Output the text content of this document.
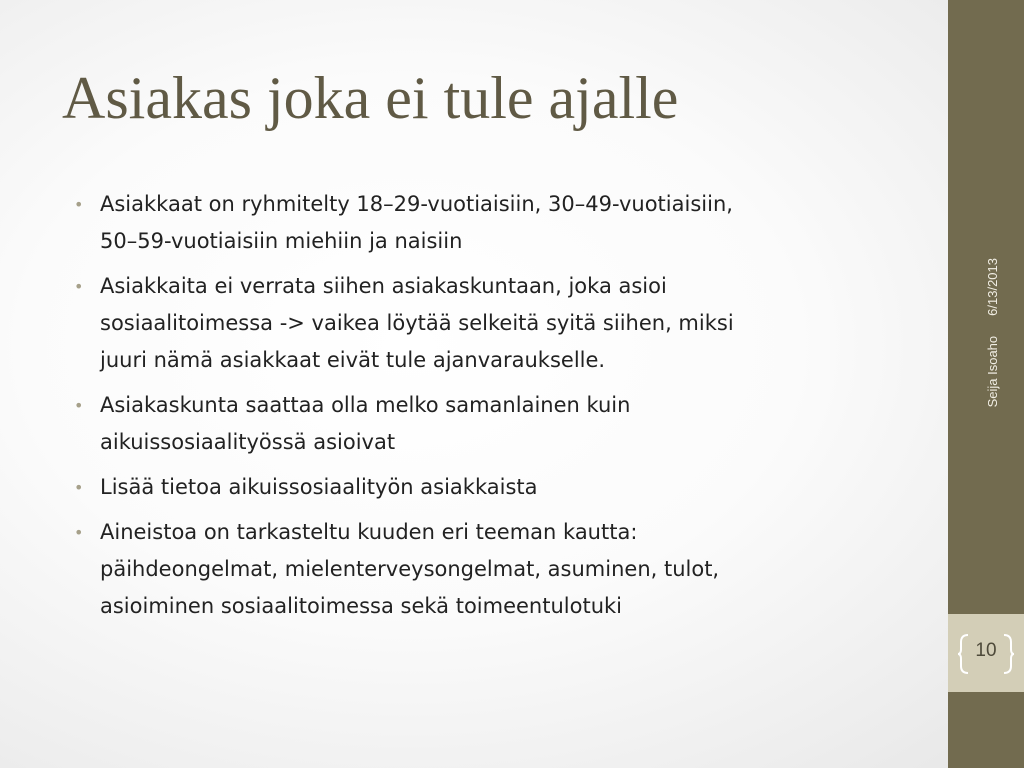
Asiakas joka ei tule ajalle
• Asiakkaat on ryhmitelty 18–29-vuotiaisiin, 30–49-vuotiaisiin,
50–59-vuotiaisiin miehiin ja naisiin
• Asiakkaita ei verrata siihen asiakaskuntaan, joka asioi
sosiaalitoimessa -> vaikea löytää selkeitä syitä siihen, miksi
juuri nämä asiakkaat eivät tule ajanvaraukselle.
• Asiakaskunta saattaa olla melko samanlainen kuin
aikuissosiaalityössä asioivat
• Lisää tietoa aikuissosiaalityön asiakkaista
• Aineistoa on tarkasteltu kuuden eri teeman kautta:
päihdeongelmat, mielenterveysongelmat, asuminen, tulot,
asioiminen sosiaalitoimessa sekä toimeentulotuki
Seija Isoaho6/13/2013
10
